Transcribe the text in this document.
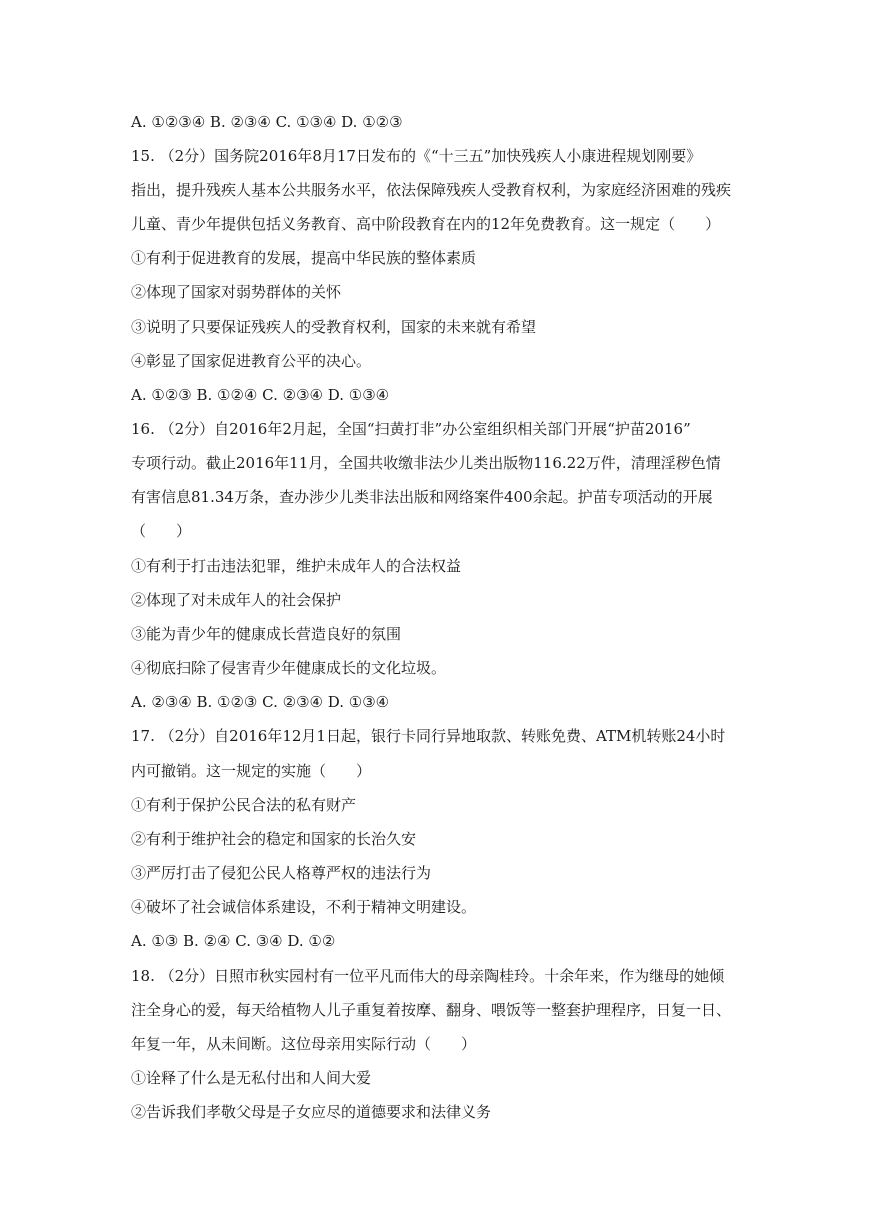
A. ①②③④ B. ②③④ C. ①③④ D. ①②③
15. （2分）国务院2016年8月17日发布的《“十三五”加快残疾人小康进程规划刚要》
指出，提升残疾人基本公共服务水平，依法保障残疾人受教育权利，为家庭经济困难的残疾
儿童、青少年提供包括义务教育、高中阶段教育在内的12年免费教育。这一规定（　　）
①有利于促进教育的发展，提高中华民族的整体素质
②体现了国家对弱势群体的关怀
③说明了只要保证残疾人的受教育权利，国家的未来就有希望
④彰显了国家促进教育公平的决心。
A. ①②③ B. ①②④ C. ②③④ D. ①③④
16. （2分）自2016年2月起，全国“扫黄打非”办公室组织相关部门开展“护苗2016”
专项行动。截止2016年11月，全国共收缴非法少儿类出版物116.22万件，清理淫秽色情
有害信息81.34万条，查办涉少儿类非法出版和网络案件400余起。护苗专项活动的开展
（　　）
①有利于打击违法犯罪，维护未成年人的合法权益
②体现了对未成年人的社会保护
③能为青少年的健康成长营造良好的氛围
④彻底扫除了侵害青少年健康成长的文化垃圾。
A. ②③④ B. ①②③ C. ②③④ D. ①③④
17. （2分）自2016年12月1日起，银行卡同行异地取款、转账免费、ATM机转账24小时
内可撤销。这一规定的实施（　　）
①有利于保护公民合法的私有财产
②有利于维护社会的稳定和国家的长治久安
③严厉打击了侵犯公民人格尊严权的违法行为
④破坏了社会诚信体系建设，不利于精神文明建设。
A. ①③ B. ②④ C. ③④ D. ①②
18. （2分）日照市秋实园村有一位平凡而伟大的母亲陶桂玲。十余年来，作为继母的她倾
注全身心的爱，每天给植物人儿子重复着按摩、翻身、喂饭等一整套护理程序，日复一日、
年复一年，从未间断。这位母亲用实际行动（　　）
①诠释了什么是无私付出和人间大爱
②告诉我们孝敬父母是子女应尽的道德要求和法律义务
